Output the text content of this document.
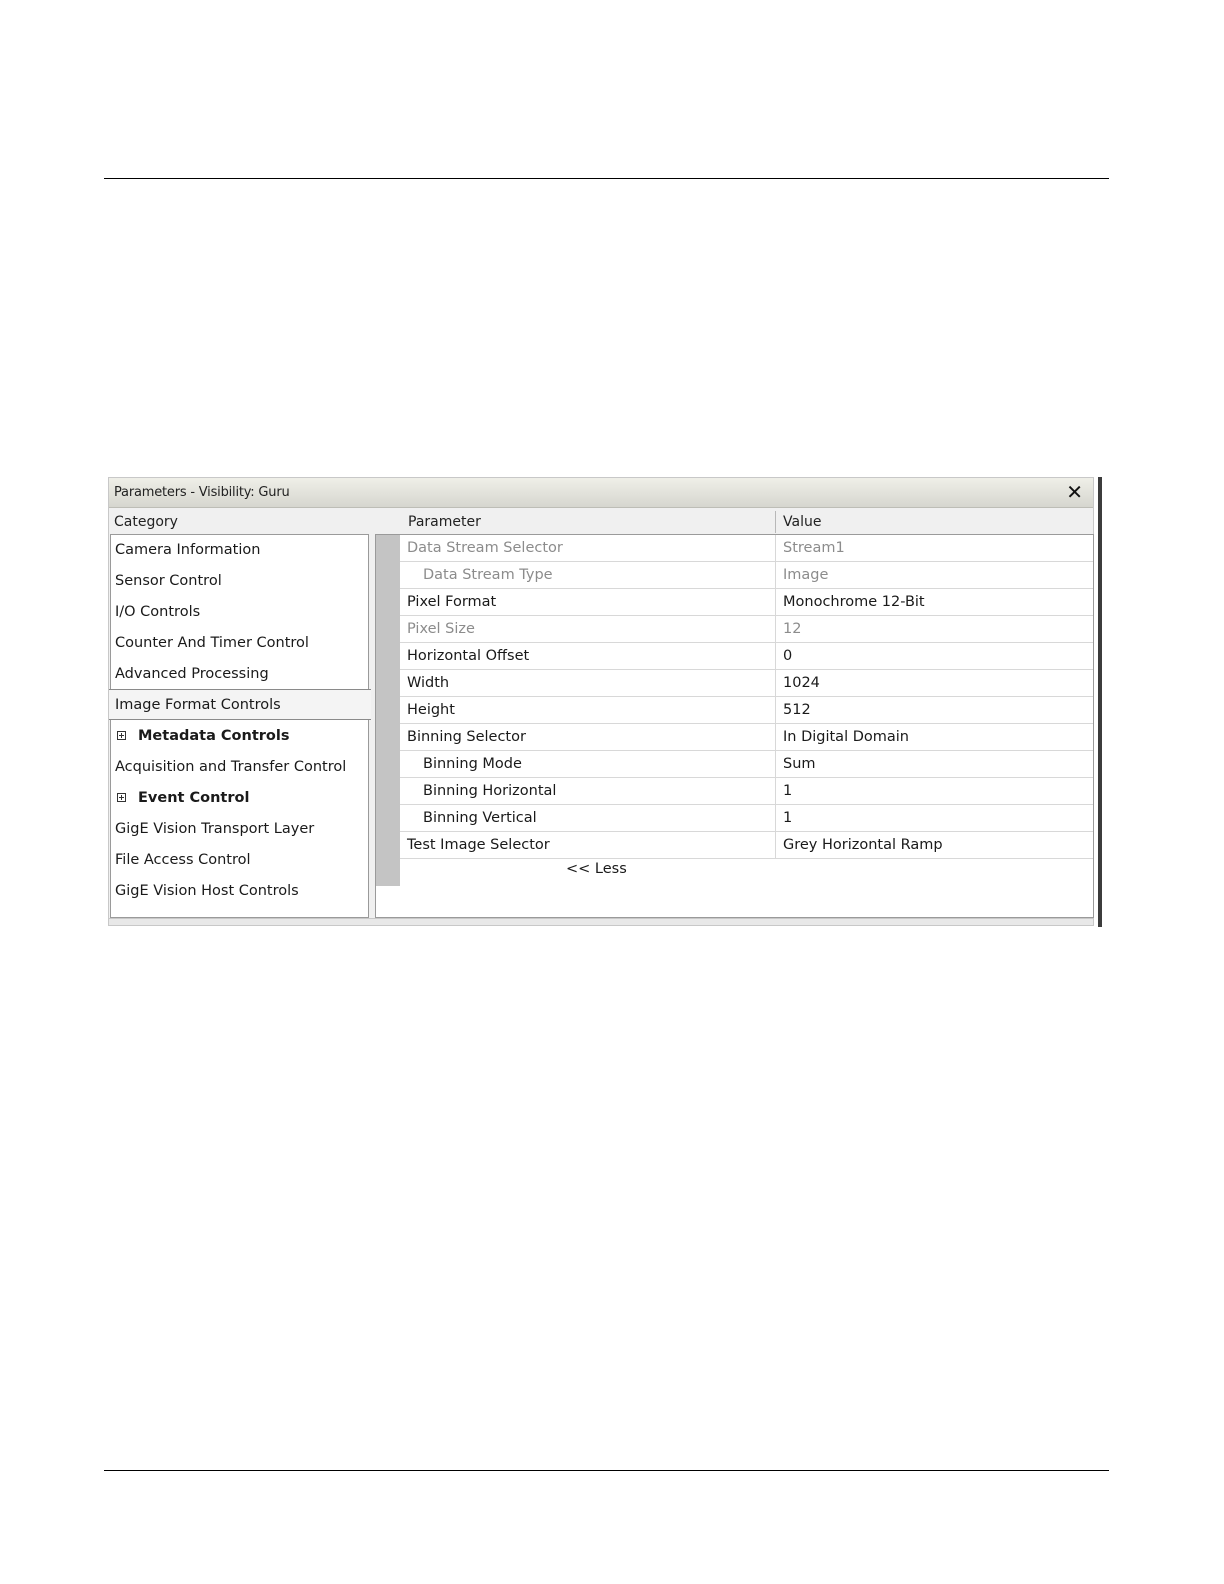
Parameters - Visibility: Guru	✕
Category	Parameter	Value
Camera Information
Sensor Control
I/O Controls
Counter And Timer Control
Advanced Processing
Image Format Controls
Metadata Controls
Acquisition and Transfer Control
Event Control
GigE Vision Transport Layer
File Access Control
GigE Vision Host Controls
<< Less
Data Stream Selector	Stream1
Data Stream Type	Image
Pixel Format	Monochrome 12-Bit
Pixel Size	12
Horizontal Offset	0
Width	1024
Height	512
Binning Selector	In Digital Domain
Binning Mode	Sum
Binning Horizontal	1
Binning Vertical	1
Test Image Selector	Grey Horizontal Ramp
